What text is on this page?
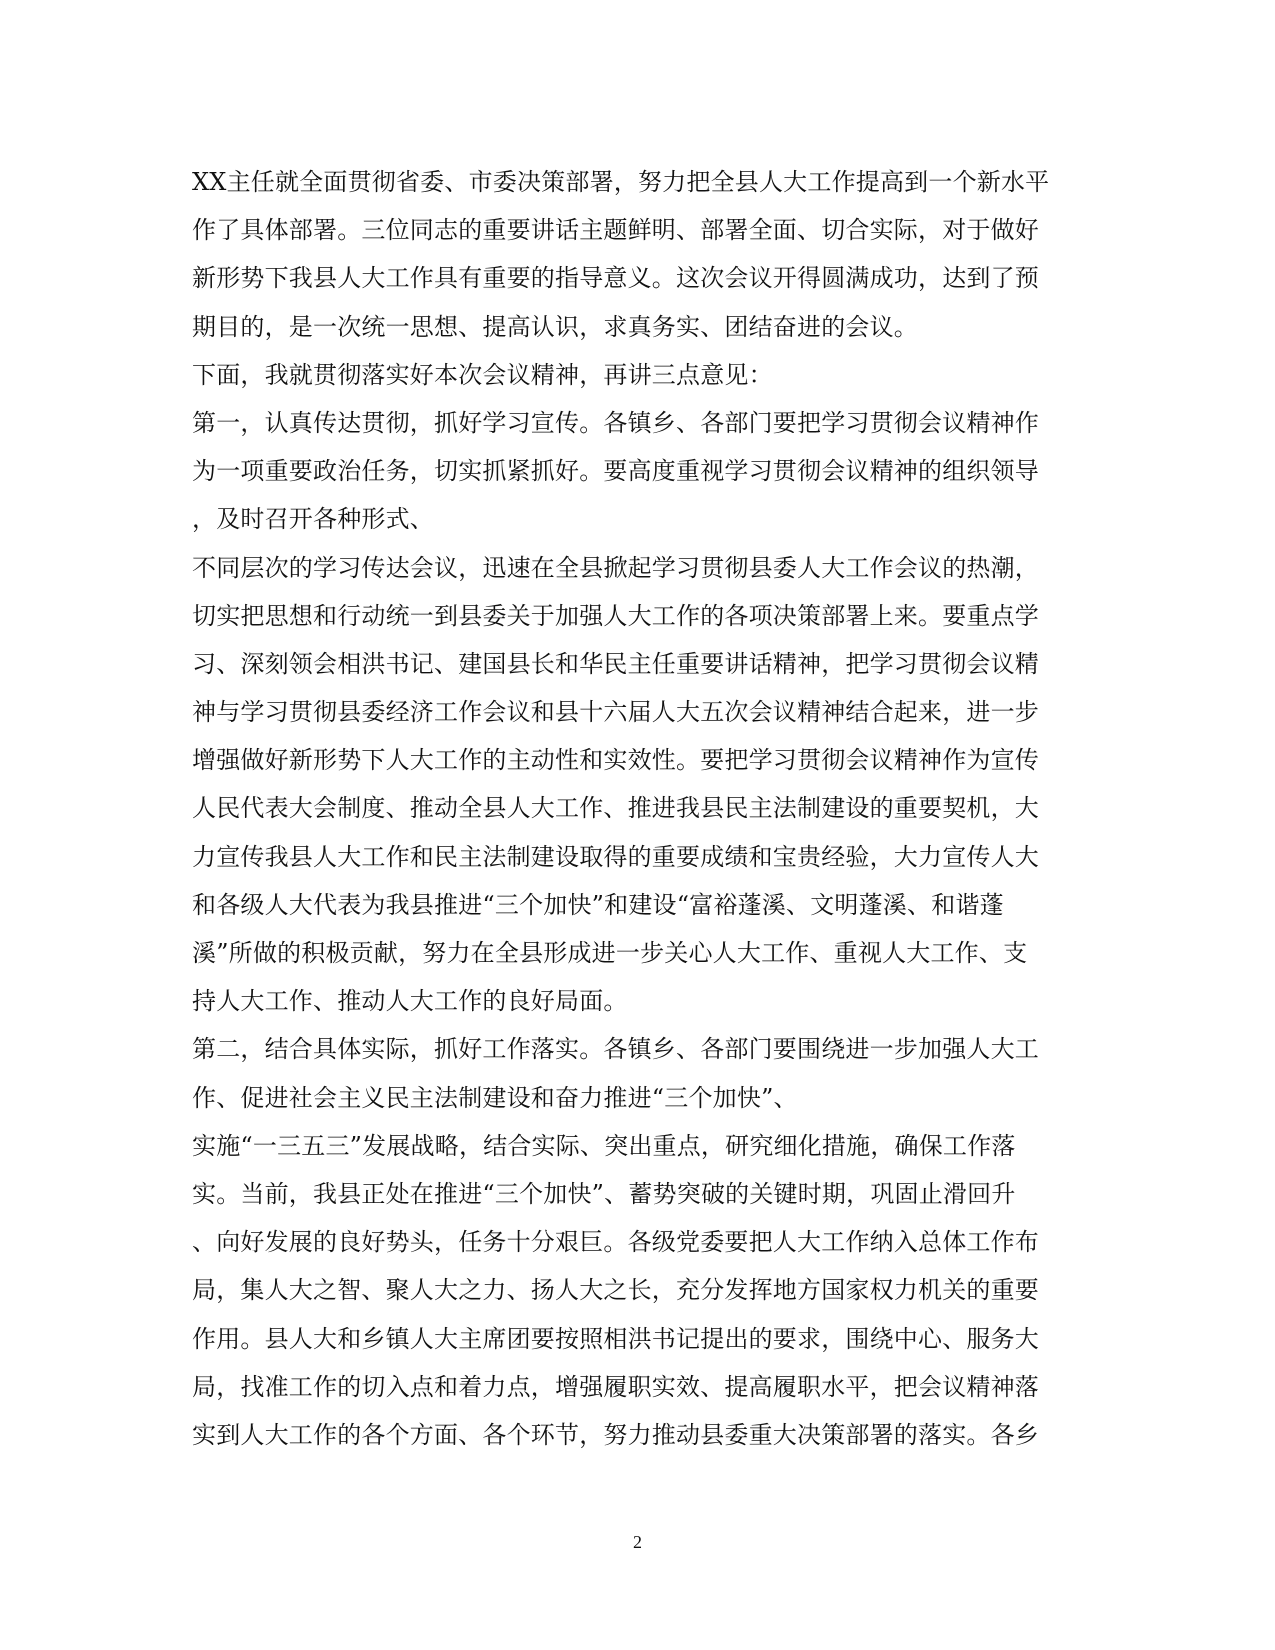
XX主任就全面贯彻省委、市委决策部署，努力把全县人大工作提高到一个新水平
作了具体部署。三位同志的重要讲话主题鲜明、部署全面、切合实际，对于做好
新形势下我县人大工作具有重要的指导意义。这次会议开得圆满成功，达到了预
期目的，是一次统一思想、提高认识，求真务实、团结奋进的会议。
下面，我就贯彻落实好本次会议精神，再讲三点意见：
第一，认真传达贯彻，抓好学习宣传。各镇乡、各部门要把学习贯彻会议精神作
为一项重要政治任务，切实抓紧抓好。要高度重视学习贯彻会议精神的组织领导
，及时召开各种形式、
不同层次的学习传达会议，迅速在全县掀起学习贯彻县委人大工作会议的热潮，
切实把思想和行动统一到县委关于加强人大工作的各项决策部署上来。要重点学
习、深刻领会相洪书记、建国县长和华民主任重要讲话精神，把学习贯彻会议精
神与学习贯彻县委经济工作会议和县十六届人大五次会议精神结合起来，进一步
增强做好新形势下人大工作的主动性和实效性。要把学习贯彻会议精神作为宣传
人民代表大会制度、推动全县人大工作、推进我县民主法制建设的重要契机，大
力宣传我县人大工作和民主法制建设取得的重要成绩和宝贵经验，大力宣传人大
和各级人大代表为我县推进“三个加快”和建设“富裕蓬溪、文明蓬溪、和谐蓬
溪”所做的积极贡献，努力在全县形成进一步关心人大工作、重视人大工作、支
持人大工作、推动人大工作的良好局面。
第二，结合具体实际，抓好工作落实。各镇乡、各部门要围绕进一步加强人大工
作、促进社会主义民主法制建设和奋力推进“三个加快”、
实施“一三五三”发展战略，结合实际、突出重点，研究细化措施，确保工作落
实。当前，我县正处在推进“三个加快”、蓄势突破的关键时期，巩固止滑回升
、向好发展的良好势头，任务十分艰巨。各级党委要把人大工作纳入总体工作布
局，集人大之智、聚人大之力、扬人大之长，充分发挥地方国家权力机关的重要
作用。县人大和乡镇人大主席团要按照相洪书记提出的要求，围绕中心、服务大
局，找准工作的切入点和着力点，增强履职实效、提高履职水平，把会议精神落
实到人大工作的各个方面、各个环节，努力推动县委重大决策部署的落实。各乡
2
